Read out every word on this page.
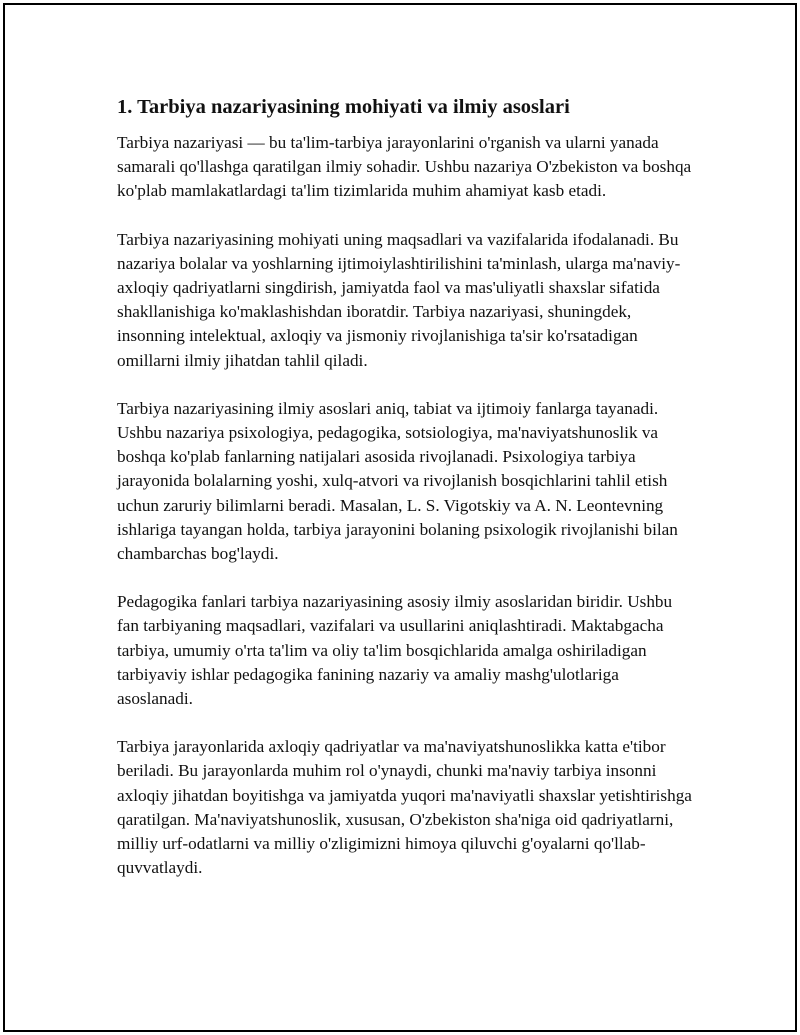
1. Tarbiya nazariyasining mohiyati va ilmiy asoslari

Tarbiya nazariyasi — bu ta'lim-tarbiya jarayonlarini o'rganish va ularni yanada samarali qo'llashga qaratilgan ilmiy sohadir. Ushbu nazariya O'zbekiston va boshqa ko'plab mamlakatlardagi ta'lim tizimlarida muhim ahamiyat kasb etadi.

Tarbiya nazariyasining mohiyati uning maqsadlari va vazifalarida ifodalanadi. Bu nazariya bolalar va yoshlarning ijtimoiylashtirilishini ta'minlash, ularga ma'naviy-axloqiy qadriyatlarni singdirish, jamiyatda faol va mas'uliyatli shaxslar sifatida shakllanishiga ko'maklashishdan iboratdir. Tarbiya nazariyasi, shuningdek, insonning intelektual, axloqiy va jismoniy rivojlanishiga ta'sir ko'rsatadigan omillarni ilmiy jihatdan tahlil qiladi.

Tarbiya nazariyasining ilmiy asoslari aniq, tabiat va ijtimoiy fanlarga tayanadi. Ushbu nazariya psixologiya, pedagogika, sotsiologiya, ma'naviyatshunoslik va boshqa ko'plab fanlarning natijalari asosida rivojlanadi. Psixologiya tarbiya jarayonida bolalarning yoshi, xulq-atvori va rivojlanish bosqichlarini tahlil etish uchun zaruriy bilimlarni beradi. Masalan, L. S. Vigotskiy va A. N. Leontevning ishlariga tayangan holda, tarbiya jarayonini bolaning psixologik rivojlanishi bilan chambarchas bog'laydi.

Pedagogika fanlari tarbiya nazariyasining asosiy ilmiy asoslaridan biridir. Ushbu fan tarbiyaning maqsadlari, vazifalari va usullarini aniqlashtiradi. Maktabgacha tarbiya, umumiy o'rta ta'lim va oliy ta'lim bosqichlarida amalga oshiriladigan tarbiyaviy ishlar pedagogika fanining nazariy va amaliy mashg'ulotlariga asoslanadi.

Tarbiya jarayonlarida axloqiy qadriyatlar va ma'naviyatshunoslikka katta e'tibor beriladi. Bu jarayonlarda muhim rol o'ynaydi, chunki ma'naviy tarbiya insonni axloqiy jihatdan boyitishga va jamiyatda yuqori ma'naviyatli shaxslar yetishtirishga qaratilgan. Ma'naviyatshunoslik, xususan, O'zbekiston sha'niga oid qadriyatlarni, milliy urf-odatlarni va milliy o'zligimizni himoya qiluvchi g'oyalarni qo'llab-quvvatlaydi.
